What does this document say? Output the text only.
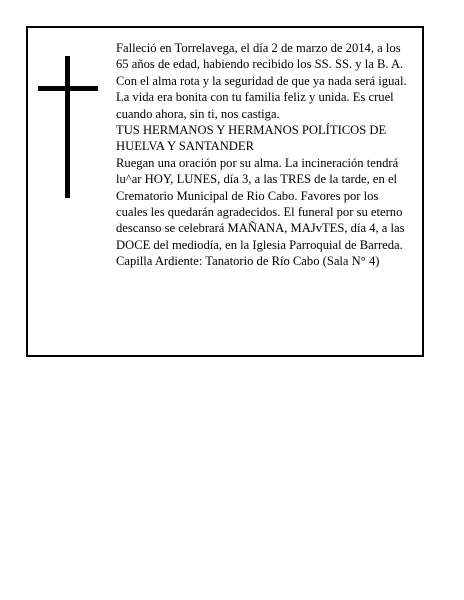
Falleció en Torrelavega, el día 2 de marzo de 2014, a los 65 años de edad, habiendo recibido los SS. SS. y la B. A.

Con el alma rota y la seguridad de que ya nada será igual. La vida era bonita con tu familia feliz y unida. Es cruel cuando ahora, sin ti, nos castiga.

TUS HERMANOS Y HERMANOS POLÍTICOS DE HUELVA Y SANTANDER

Ruegan una oración por su alma. La incineración tendrá lu^ar HOY, LUNES, día 3, a las TRES de la tarde, en el Crematorio Municipal de Rio Cabo. Favores por los cuales les quedarán agradecidos. El funeral por su eterno descanso se celebrará MAÑANA, MAJvTES, día 4, a las DOCE del mediodía, en la Iglesia Parroquial de Barreda. Capilla Ardiente: Tanatorio de Río Cabo (Sala N° 4)
